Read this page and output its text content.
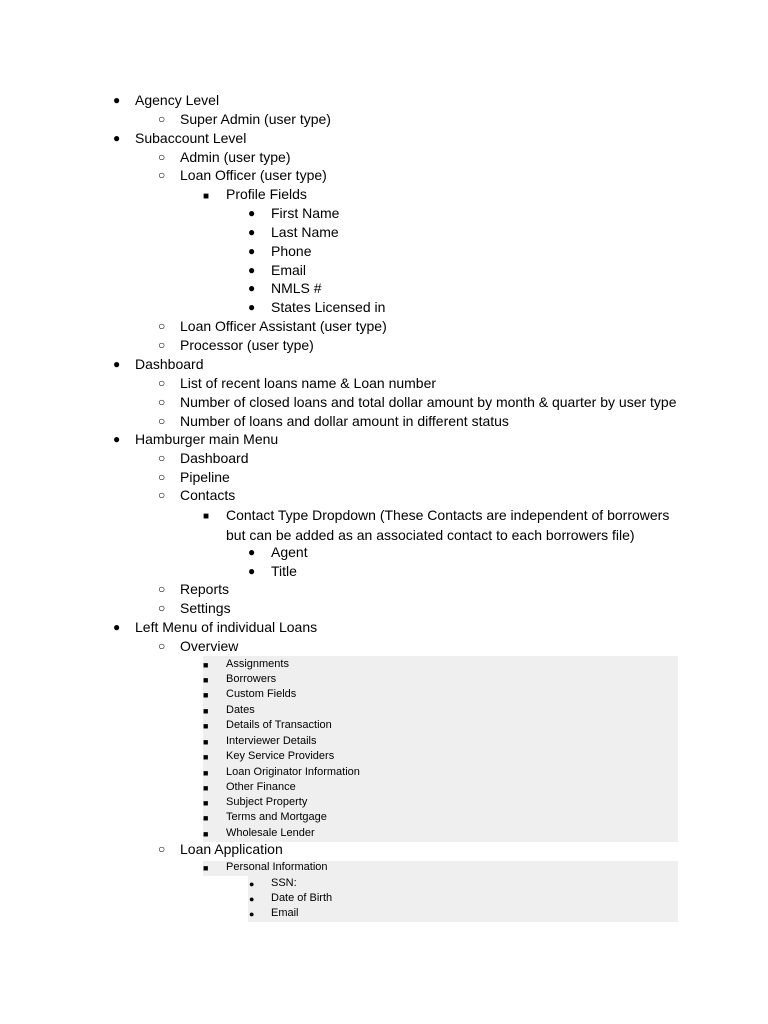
● Agency Level
○ Super Admin (user type)
● Subaccount Level
○ Admin (user type)
○ Loan Officer (user type)
■ Profile Fields
● First Name
● Last Name
● Phone
● Email
● NMLS #
● States Licensed in
○ Loan Officer Assistant (user type)
○ Processor (user type)
● Dashboard
○ List of recent loans name & Loan number
○ Number of closed loans and total dollar amount by month & quarter by user type
○ Number of loans and dollar amount in different status
● Hamburger main Menu
○ Dashboard
○ Pipeline
○ Contacts
■ Contact Type Dropdown (These Contacts are independent of borrowers but can be added as an associated contact to each borrowers file)
● Agent
● Title
○ Reports
○ Settings
● Left Menu of individual Loans
○ Overview
■ Assignments
■ Borrowers
■ Custom Fields
■ Dates
■ Details of Transaction
■ Interviewer Details
■ Key Service Providers
■ Loan Originator Information
■ Other Finance
■ Subject Property
■ Terms and Mortgage
■ Wholesale Lender
○ Loan Application
■ Personal Information
● SSN:
● Date of Birth
● Email
